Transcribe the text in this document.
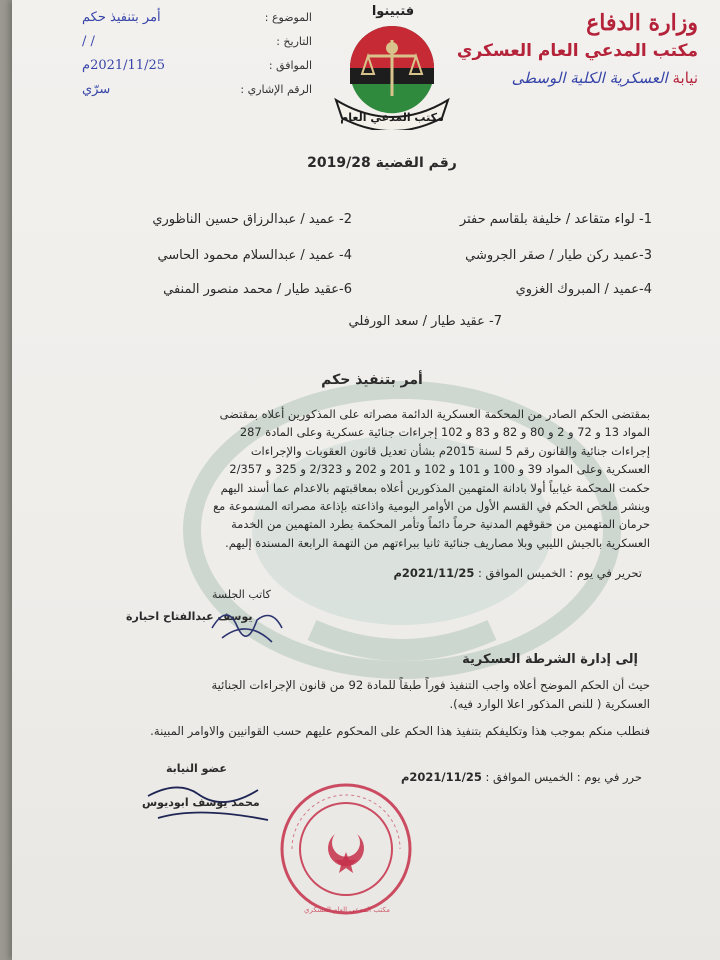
الموضوع :
أمر بتنفيذ حكم
التاريخ :
/ /
الموافق :
2021/11/25م
الرقم الإشاري :
سرّي
فتبينوا
مكتب المدعي العام
وزارة الدفاع
مكتب المدعي العام العسكري
نيابة العسكرية الكلية الوسطى
رقم القضية 2019/28
1- لواء متقاعد / خليفة بلقاسم حفتر
2- عميد / عبدالرزاق حسين الناظوري
3-عميد ركن طيار / صقر الجروشي
4- عميد / عبدالسلام محمود الحاسي
4-عميد / المبروك الغزوي
6-عقيد طيار / محمد منصور المنفي
7- عقيد طيار / سعد الورفلي
أمر بتنفيذ حكم
بمقتضى الحكم الصادر من المحكمة العسكرية الدائمة مصراته على المذكورين أعلاه بمقتضى
المواد 13 و 72 و 2 و 80 و 82 و 83 و 102 إجراءات جنائية عسكرية وعلى المادة 287
إجراءات جنائية والقانون رقم 5 لسنة 2015م بشأن تعديل قانون العقوبات والإجراءات
العسكرية وعلى المواد 39 و 100 و 101 و 102 و 201 و 202 و 2/323 و 325 و 2/357
حكمت المحكمة غيابياً أولا بادانة المتهمين المذكورين أعلاه بمعاقبتهم بالاعدام عما أسند اليهم
وينشر ملخص الحكم في القسم الأول من الأوامر اليومية واذاعته بإذاعة مصراته المسموعة مع
حرمان المتهمين من حقوقهم المدنية حرماً دائماً وتأمر المحكمة بطرد المتهمين من الخدمة
العسكرية بالجيش الليبي وبلا مصاريف جنائية ثانيا ببراءتهم من التهمة الرابعة المسندة إليهم.
تحرير في يوم : الخميس الموافق : 2021/11/25م
كاتب الجلسة
يوسف عبدالفتاح احبارة
إلى إدارة الشرطة العسكرية
حيث أن الحكم الموضح أعلاه واجب التنفيذ فوراً طبقاً للمادة 92 من قانون الإجراءات الجنائية
العسكرية ( للنص المذكور اعلا الوارد فيه).
فنطلب منكم بموجب هذا وتكليفكم بتنفيذ هذا الحكم على المحكوم عليهم حسب القوانيين والاوامر المبينة.
حرر في يوم : الخميس الموافق : 2021/11/25م
عضو النيابة
محمد يوسف ابوديوس
مكتب المدعي العام العسكري
